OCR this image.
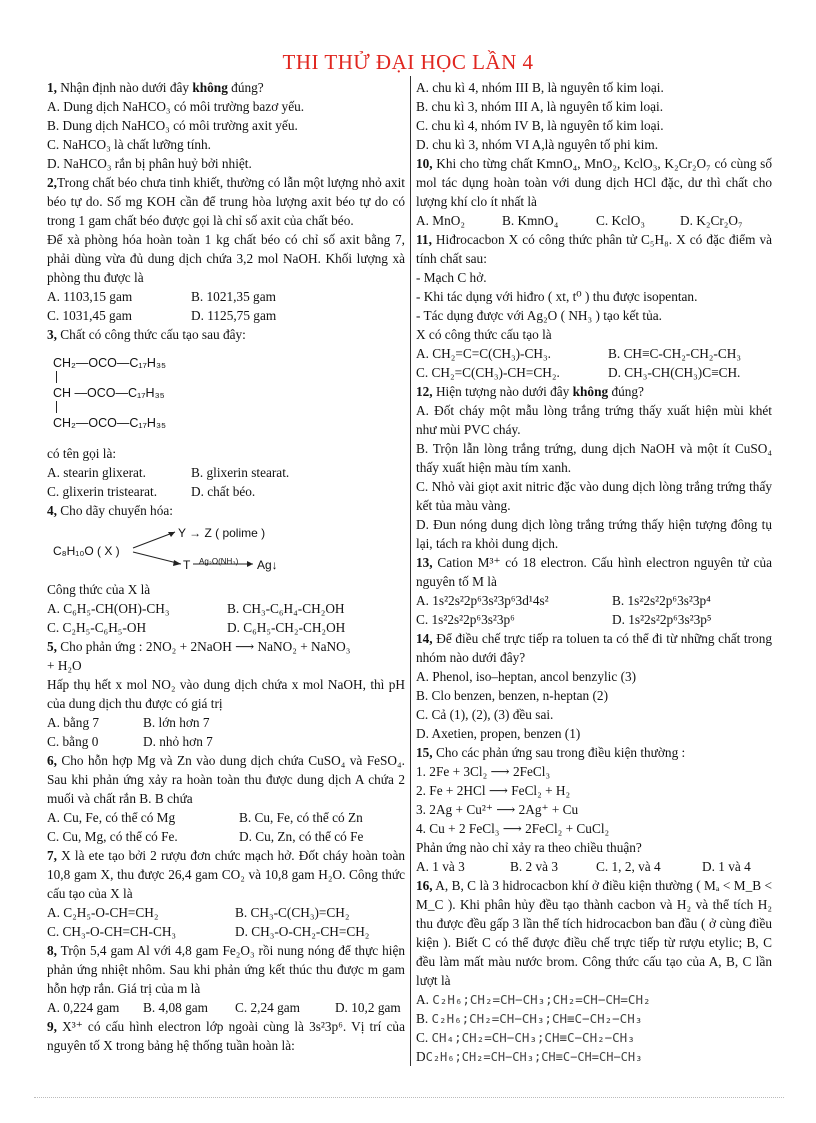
THI THỬ ĐẠI HỌC LẦN 4
1, Nhận định nào dưới đây không đúng?
A. Dung dịch NaHCO₃ có môi trường bazơ yếu.
B. Dung dịch NaHCO₃ có môi trường axit yếu.
C. NaHCO₃ là chất lưỡng tính.
D. NaHCO₃ rắn bị phân huỷ bởi nhiệt.
2,Trong chất béo chưa tinh khiết, thường có lẫn một lượng nhỏ axit béo tự do. Số mg KOH cần để trung hòa lượng axit béo tự do có trong 1 gam chất béo được gọi là chỉ số axit của chất béo.
Để xà phòng hóa hoàn toàn 1 kg chất béo có chỉ số axit bằng 7, phải dùng vừa đủ dung dịch chứa 3,2 mol NaOH. Khối lượng xà phòng thu được là
A. 1103,15 gam	B. 1021,35 gam
C. 1031,45 gam	D. 1125,75 gam
3, Chất có công thức cấu tạo sau đây:
CH₂—OCO—C₁₇H₃₅
CH —OCO—C₁₇H₃₅
CH₂—OCO—C₁₇H₃₅
có tên gọi là:
A. stearin glixerat.	B. glixerin stearat.
C. glixerin tristearat.	D. chất béo.
4, Cho dãy chuyển hóa:
C₈H₁₀O ( X )
Y → Z ( polime )
T Ag₂O(NH₃) Ag↓
Công thức của X là
A. C₆H₅-CH(OH)-CH₃	B. CH₃-C₆H₄-CH₂OH
C. C₂H₅-C₆H₅-OH	D. C₆H₅-CH₂-CH₂OH
5, Cho phản ứng : 2NO₂ + 2NaOH ⟶ NaNO₂ + NaNO₃
+ H₂O
Hấp thụ hết x mol NO₂ vào dung dịch chứa x mol NaOH, thì pH của dung dịch thu được có giá trị
A. bằng 7	B. lớn hơn 7
C. bằng 0	D. nhỏ hơn 7
6, Cho hỗn hợp Mg và Zn vào dung dịch chứa CuSO₄ và FeSO₄. Sau khi phản ứng xảy ra hoàn toàn thu được dung dịch A chứa 2 muối và chất rắn B. B chứa
A. Cu, Fe, có thể có Mg	B. Cu, Fe, có thể có Zn
C. Cu, Mg, có thể có Fe.	D. Cu, Zn, có thể có Fe
7, X là ete tạo bởi 2 rượu đơn chức mạch hở. Đốt cháy hoàn toàn 10,8 gam X, thu được 26,4 gam CO₂ và 10,8 gam H₂O. Công thức cấu tạo của X là
A. C₂H₅-O-CH=CH₂	B. CH₃-C(CH₃)=CH₂
C. CH₃-O-CH=CH-CH₃	D. CH₃-O-CH₂-CH=CH₂
8, Trộn 5,4 gam Al với 4,8 gam Fe₂O₃ rồi nung nóng để thực hiện phản ứng nhiệt nhôm. Sau khi phản ứng kết thúc thu được m gam hỗn hợp rắn. Giá trị của m là
A. 0,224 gam	B. 4,08 gam	C. 2,24 gam	D. 10,2 gam
9, X³⁺ có cấu hình electron lớp ngoài cùng là 3s²3p⁶. Vị trí của nguyên tố X trong bảng hệ thống tuần hoàn là:
A. chu kì 4, nhóm III B, là nguyên tố kim loại.
B. chu kì 3, nhóm III A, là nguyên tố kim loại.
C. chu kì 4, nhóm IV B, là nguyên tố kim loại.
D. chu kì 3, nhóm VI A,là nguyên tố phi kim.
10, Khi cho từng chất KmnO₄, MnO₂, KclO₃, K₂Cr₂O₇ có cùng số mol tác dụng hoàn toàn với dung dịch HCl đặc, dư thì chất cho lượng khí clo ít nhất là
A. MnO₂	B. KmnO₄	C. KclO₃	D. K₂Cr₂O₇
11, Hiđrocacbon X có công thức phân tử C₅H₈. X có đặc điểm và tính chất sau:
- Mạch C hở.
- Khi tác dụng với hiđro ( xt, t⁰ ) thu được isopentan.
- Tác dụng được với Ag₂O ( NH₃ ) tạo kết tủa.
X có công thức cấu tạo là
A. CH₂=C=C(CH₃)-CH₃.	B. CH≡C-CH₂-CH₂-CH₃
C. CH₂=C(CH₃)-CH=CH₂.	D. CH₃-CH(CH₃)C≡CH.
12, Hiện tượng nào dưới đây không đúng?
A. Đốt cháy một mẫu lòng trắng trứng thấy xuất hiện mùi khét như mùi PVC cháy.
B. Trộn lẫn lòng trắng trứng, dung dịch NaOH và một ít CuSO₄ thấy xuất hiện màu tím xanh.
C. Nhỏ vài giọt axit nitric đặc vào dung dịch lòng trắng trứng thấy kết tủa màu vàng.
D. Đun nóng dung dịch lòng trắng trứng thấy hiện tượng đông tụ lại, tách ra khỏi dung dịch.
13, Cation M³⁺ có 18 electron. Cấu hình electron nguyên tử của nguyên tố M là
A. 1s²2s²2p⁶3s²3p⁶3d¹4s²	B. 1s²2s²2p⁶3s²3p⁴
C. 1s²2s²2p⁶3s²3p⁶	D. 1s²2s²2p⁶3s²3p⁵
14, Để điều chế trực tiếp ra toluen ta có thể đi từ những chất trong nhóm nào dưới đây?
A. Phenol, iso–heptan, ancol benzylic (3)
B. Clo benzen, benzen, n-heptan (2)
C. Cả (1), (2), (3) đều sai.
D. Axetien, propen, benzen (1)
15, Cho các phản ứng sau trong điều kiện thường :
1. 2Fe + 3Cl₂ ⟶ 2FeCl₃
2. Fe + 2HCl ⟶ FeCl₂ + H₂
3. 2Ag + Cu²⁺ ⟶ 2Ag⁺ + Cu
4. Cu + 2 FeCl₃ ⟶ 2FeCl₂ + CuCl₂
Phản ứng nào chỉ xảy ra theo chiều thuận?
A. 1 và 3	B. 2 và 3	C. 1, 2, và 4	D. 1 và 4
16, A, B, C là 3 hidrocacbon khí ở điều kiện thường ( Mₐ < M_B < M_C ). Khi phân hủy đều tạo thành cacbon và H₂ và thể tích H₂ thu được đều gấp 3 lần thể tích hidrocacbon ban đầu ( ở cùng điều kiện ). Biết C có thể được điều chế trực tiếp từ rượu etylic; B, C đều làm mất màu nước brom. Công thức cấu tạo của A, B, C lần lượt là
A. C₂H₆;CH₂=CH−CH₃;CH₂=CH−CH=CH₂
B. C₂H₆;CH₂=CH−CH₃;CH≡C−CH₂−CH₃
C. CH₄;CH₂=CH−CH₃;CH≡C−CH₂−CH₃
DC₂H₆;CH₂=CH−CH₃;CH≡C−CH=CH−CH₃
